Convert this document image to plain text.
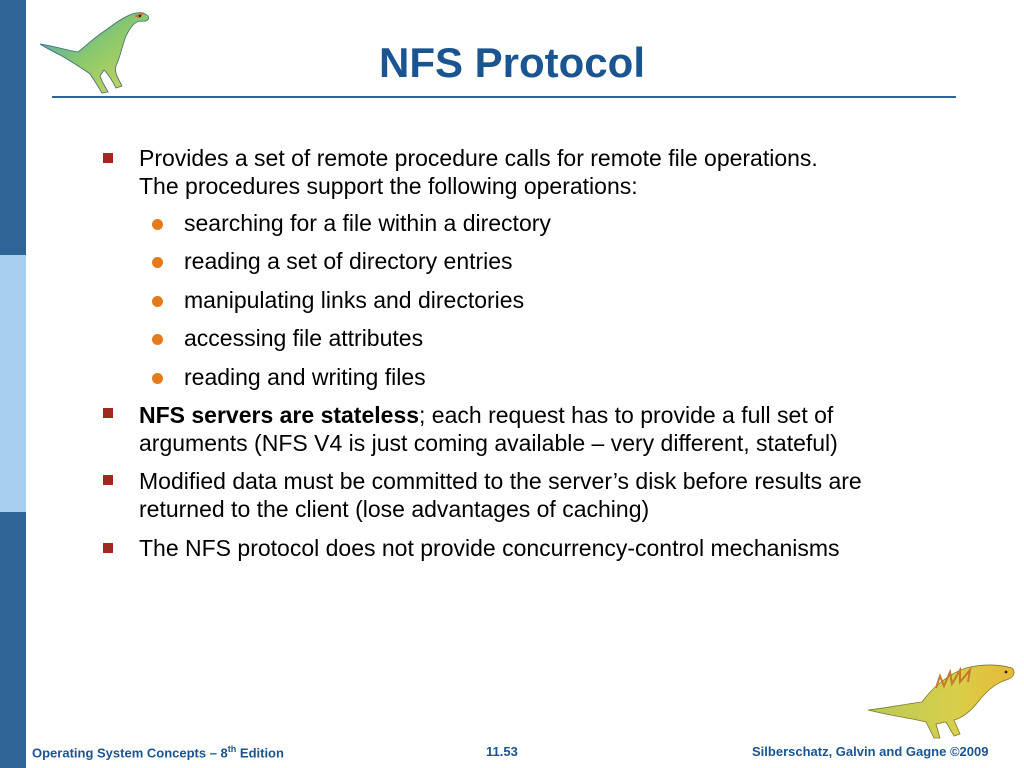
NFS Protocol
Provides a set of remote procedure calls for remote file operations.
The procedures support the following operations:
searching for a file within a directory
reading a set of directory entries
manipulating links and directories
accessing file attributes
reading and writing files
NFS servers are stateless; each request has to provide a full set of
arguments (NFS V4 is just coming available – very different, stateful)
Modified data must be committed to the server’s disk before results are
returned to the client (lose advantages of caching)
The NFS protocol does not provide concurrency-control mechanisms
Operating System Concepts – 8th Edition	11.53	Silberschatz, Galvin and Gagne ©2009
